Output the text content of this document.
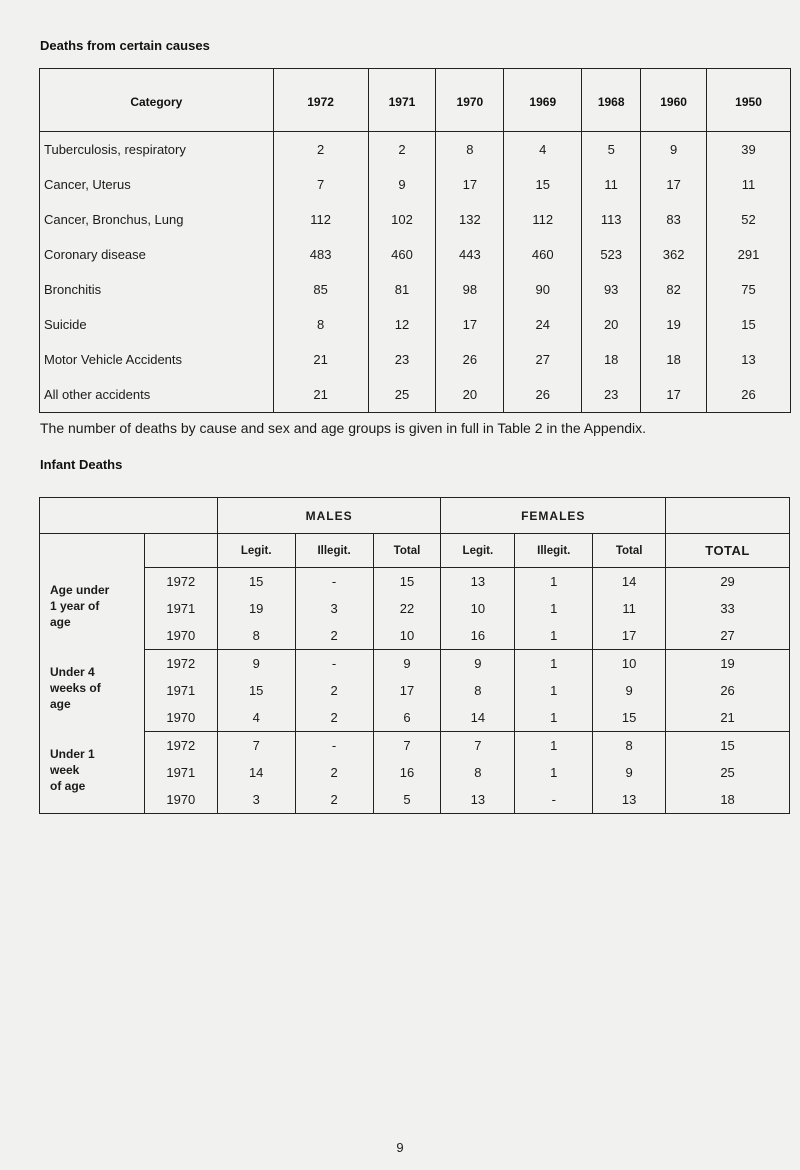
Deaths from certain causes
Category	1972	1971	1970	1969	1968	1960	1950
Tuberculosis, respiratory	2	2	8	4	5	9	39
Cancer, Uterus	7	9	17	15	11	17	11
Cancer, Bronchus, Lung	112	102	132	112	113	83	52
Coronary disease	483	460	443	460	523	362	291
Bronchitis	85	81	98	90	93	82	75
Suicide	8	12	17	24	20	19	15
Motor Vehicle Accidents	21	23	26	27	18	18	13
All other accidents	21	25	20	26	23	17	26
The number of deaths by cause and sex and age groups is given in full in Table 2 in the Appendix.
Infant Deaths
		MALES			FEMALES			
		Legit.	Illegit.	Total	Legit.	Illegit.	Total	TOTAL

Age under
1 year of
age	1972	15	-	15	13	1	14	29
	1971	19	3	22	10	1	11	33
	1970	8	2	10	16	1	17	27

Under 4
weeks of
age	1972	9	-	9	9	1	10	19
	1971	15	2	17	8	1	9	26
	1970	4	2	6	14	1	15	21

Under 1
week
of age	1972	7	-	7	7	1	8	15
	1971	14	2	16	8	1	9	25
	1970	3	2	5	13	-	13	18
9
